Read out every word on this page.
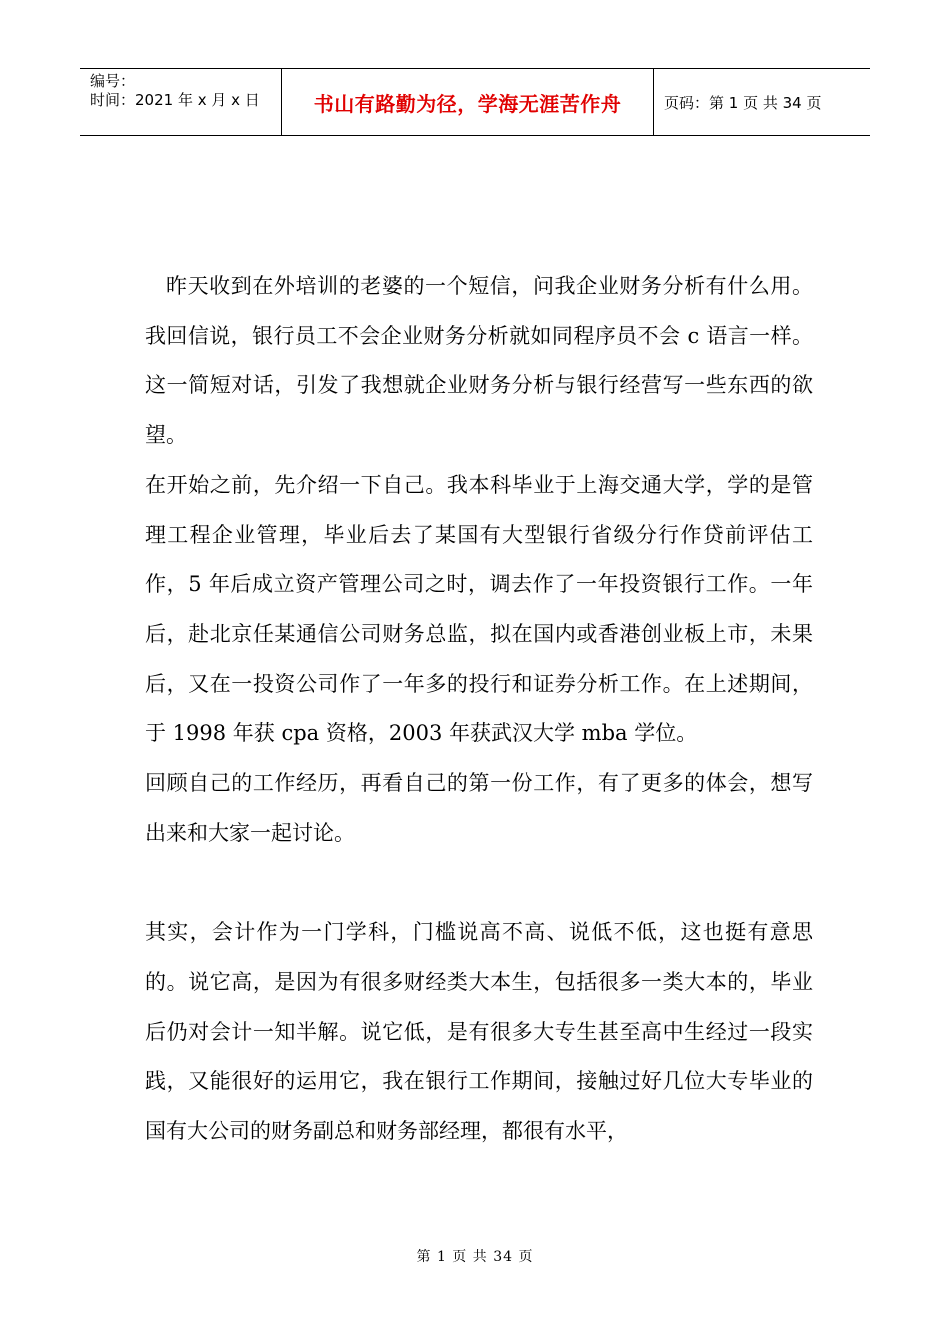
编号：
时间：2021 年 x 月 x 日	书山有路勤为径，学海无涯苦作舟	页码：第 1 页 共 34 页

昨天收到在外培训的老婆的一个短信，问我企业财务分析有什么用。我回信说，银行员工不会企业财务分析就如同程序员不会 c 语言一样。这一简短对话，引发了我想就企业财务分析与银行经营写一些东西的欲望。

在开始之前，先介绍一下自己。我本科毕业于上海交通大学，学的是管理工程企业管理，毕业后去了某国有大型银行省级分行作贷前评估工作，5 年后成立资产管理公司之时，调去作了一年投资银行工作。一年后，赴北京任某通信公司财务总监，拟在国内或香港创业板上市，未果后，又在一投资公司作了一年多的投行和证券分析工作。在上述期间，于 1998 年获 cpa 资格，2003 年获武汉大学 mba 学位。

回顾自己的工作经历，再看自己的第一份工作，有了更多的体会，想写出来和大家一起讨论。

其实，会计作为一门学科，门槛说高不高、说低不低，这也挺有意思的。说它高，是因为有很多财经类大本生，包括很多一类大本的，毕业后仍对会计一知半解。说它低，是有很多大专生甚至高中生经过一段实践，又能很好的运用它，我在银行工作期间，接触过好几位大专毕业的国有大公司的财务副总和财务部经理，都很有水平，

第 1 页 共 34 页
